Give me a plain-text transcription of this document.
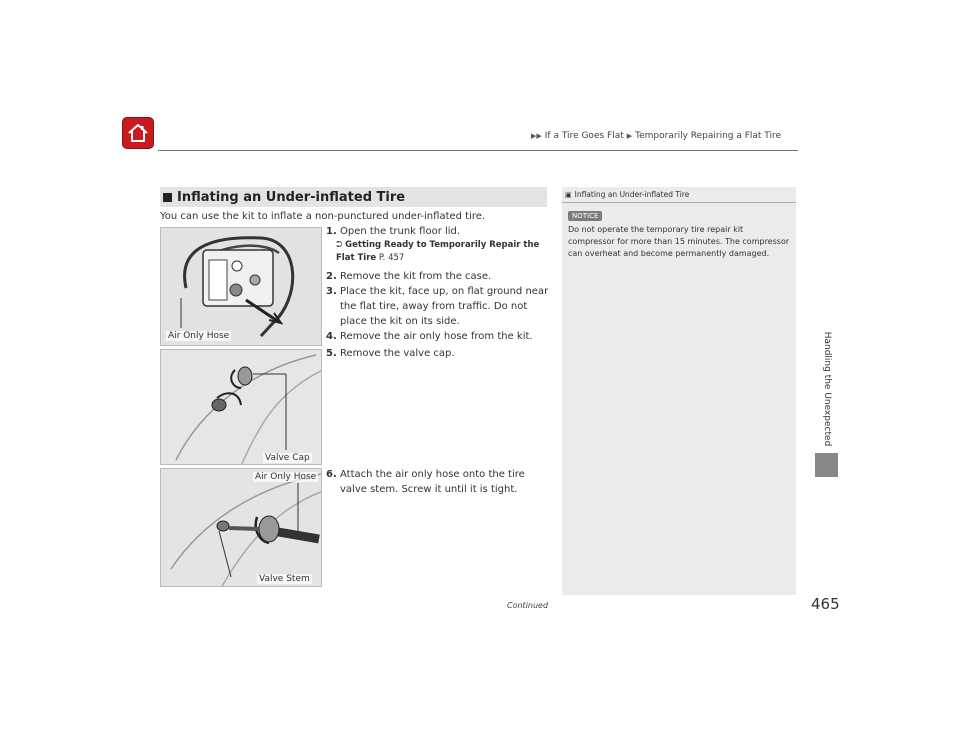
▶▶ If a Tire Goes Flat ▶ Temporarily Repairing a Flat Tire
Handling the Unexpected
Inflating an Under-inflated Tire
You can use the kit to inflate a non-punctured under-inflated tire.
Air Only Hose
Valve Cap
Air Only Hose
Valve Stem
1. Open the trunk floor lid.
⮊ Getting Ready to Temporarily Repair the Flat Tire P. 457
2. Remove the kit from the case.
3. Place the kit, face up, on flat ground near the flat tire, away from traffic. Do not place the kit on its side.
4. Remove the air only hose from the kit.
5. Remove the valve cap.
6. Attach the air only hose onto the tire valve stem. Screw it until it is tight.
▣ Inflating an Under-inflated Tire
NOTICE
Do not operate the temporary tire repair kit compressor for more than 15 minutes. The compressor can overheat and become permanently damaged.
Continued	465
